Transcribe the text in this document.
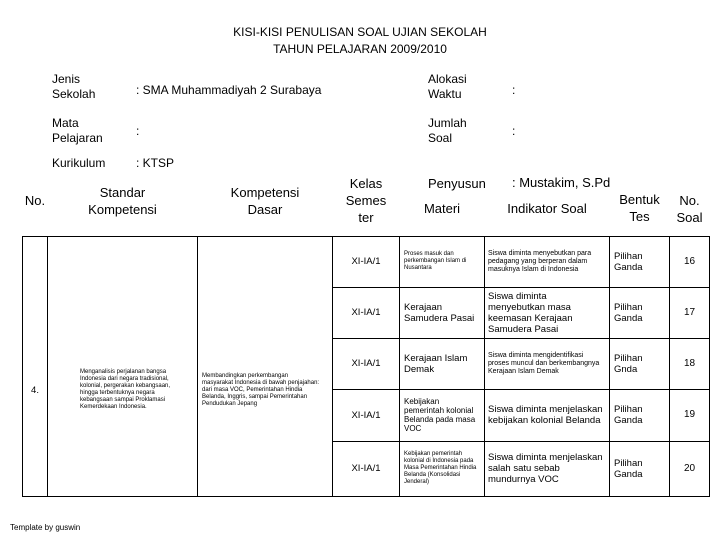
KISI-KISI PENULISAN SOAL UJIAN SEKOLAH
TAHUN PELAJARAN 2009/2010
Jenis Sekolah	: SMA Muhammadiyah 2 Surabaya
Mata Pelajaran	:
Kurikulum	: KTSP
Alokasi Waktu	:
Jumlah Soal	:
Penyusun : Mustakim, S.Pd
No.	Standar Kompetensi	Kompetensi Dasar	Kelas Semes ter	Materi	Indikator Soal	Bentuk Tes	No. Soal

4.	Menganalisis perjalanan bangsa Indonesia dari negara tradisional, kolonial, pergerakan kebangsaan, hingga terbentuknya negara kebangsaan sampai Proklamasi Kemerdekaan Indonesia.	Membandingkan perkembangan masyarakat Indonesia di bawah penjajahan: dari masa VOC, Pemerintahan Hindia Belanda, Inggris, sampai Pemerintahan Pendudukan Jepang	XI-IA/1	Proses masuk dan perkembangan Islam di Nusantara	Siswa diminta menyebutkan para pedagang yang berperan dalam masuknya Islam di Indonesia	Pilihan Ganda	16
			XI-IA/1	Kerajaan Samudera Pasai	Siswa diminta menyebutkan masa keemasan Kerajaan Samudera Pasai	Pilihan Ganda	17
			XI-IA/1	Kerajaan Islam Demak	Siswa diminta mengidentifikasi proses muncul dan berkembangnya Kerajaan Islam Demak	Pilihan Gnda	18
			XI-IA/1	Kebijakan pemerintah kolonial Belanda pada masa VOC	Siswa diminta menjelaskan kebijakan kolonial Belanda	Pilihan Ganda	19
			XI-IA/1	Kebijakan pemerintah kolonial di Indonesia pada Masa Pemerintahan Hindia Belanda (Konsolidasi Jenderal)	Siswa diminta menjelaskan salah satu sebab mundurnya VOC	Pilihan Ganda	20
Template by guswin
